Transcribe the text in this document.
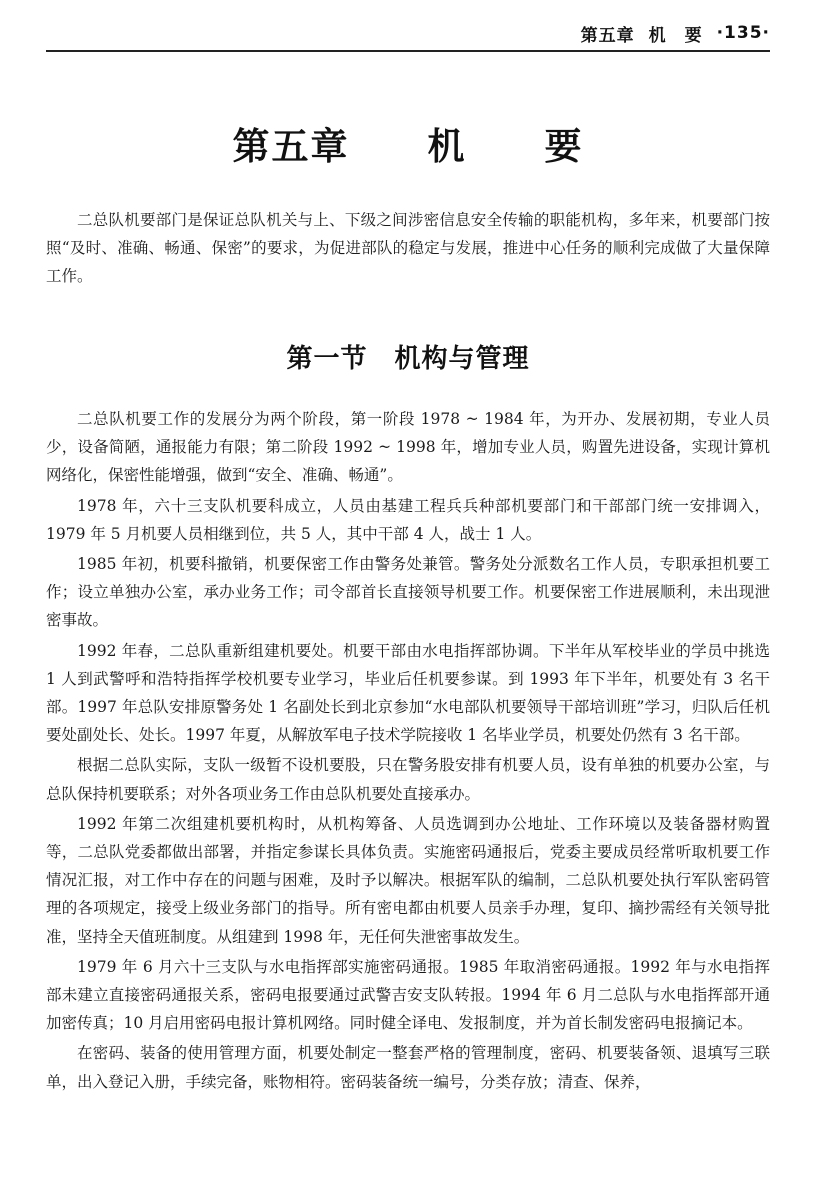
第五章 机　要 ·135·
第五章　　机　　要

二总队机要部门是保证总队机关与上、下级之间涉密信息安全传输的职能机构，多年来，机要部门按照“及时、准确、畅通、保密”的要求，为促进部队的稳定与发展，推进中心任务的顺利完成做了大量保障工作。

第一节　机构与管理

二总队机要工作的发展分为两个阶段，第一阶段 1978 ~ 1984 年，为开办、发展初期，专业人员少，设备简陋，通报能力有限；第二阶段 1992 ~ 1998 年，增加专业人员，购置先进设备，实现计算机网络化，保密性能增强，做到“安全、准确、畅通”。

1978 年，六十三支队机要科成立，人员由基建工程兵兵种部机要部门和干部部门统一安排调入，1979 年 5 月机要人员相继到位，共 5 人，其中干部 4 人，战士 1 人。

1985 年初，机要科撤销，机要保密工作由警务处兼管。警务处分派数名工作人员，专职承担机要工作；设立单独办公室，承办业务工作；司令部首长直接领导机要工作。机要保密工作进展顺利，未出现泄密事故。

1992 年春，二总队重新组建机要处。机要干部由水电指挥部协调。下半年从军校毕业的学员中挑选 1 人到武警呼和浩特指挥学校机要专业学习，毕业后任机要参谋。到 1993 年下半年，机要处有 3 名干部。1997 年总队安排原警务处 1 名副处长到北京参加“水电部队机要领导干部培训班”学习，归队后任机要处副处长、处长。1997 年夏，从解放军电子技术学院接收 1 名毕业学员，机要处仍然有 3 名干部。

根据二总队实际，支队一级暂不设机要股，只在警务股安排有机要人员，设有单独的机要办公室，与总队保持机要联系；对外各项业务工作由总队机要处直接承办。

1992 年第二次组建机要机构时，从机构筹备、人员选调到办公地址、工作环境以及装备器材购置等，二总队党委都做出部署，并指定参谋长具体负责。实施密码通报后，党委主要成员经常听取机要工作情况汇报，对工作中存在的问题与困难，及时予以解决。根据军队的编制，二总队机要处执行军队密码管理的各项规定，接受上级业务部门的指导。所有密电都由机要人员亲手办理，复印、摘抄需经有关领导批准，坚持全天值班制度。从组建到 1998 年，无任何失泄密事故发生。

1979 年 6 月六十三支队与水电指挥部实施密码通报。1985 年取消密码通报。1992 年与水电指挥部未建立直接密码通报关系，密码电报要通过武警吉安支队转报。1994 年 6 月二总队与水电指挥部开通加密传真；10 月启用密码电报计算机网络。同时健全译电、发报制度，并为首长制发密码电报摘记本。

在密码、装备的使用管理方面，机要处制定一整套严格的管理制度，密码、机要装备领、退填写三联单，出入登记入册，手续完备，账物相符。密码装备统一编号，分类存放；清查、保养，
